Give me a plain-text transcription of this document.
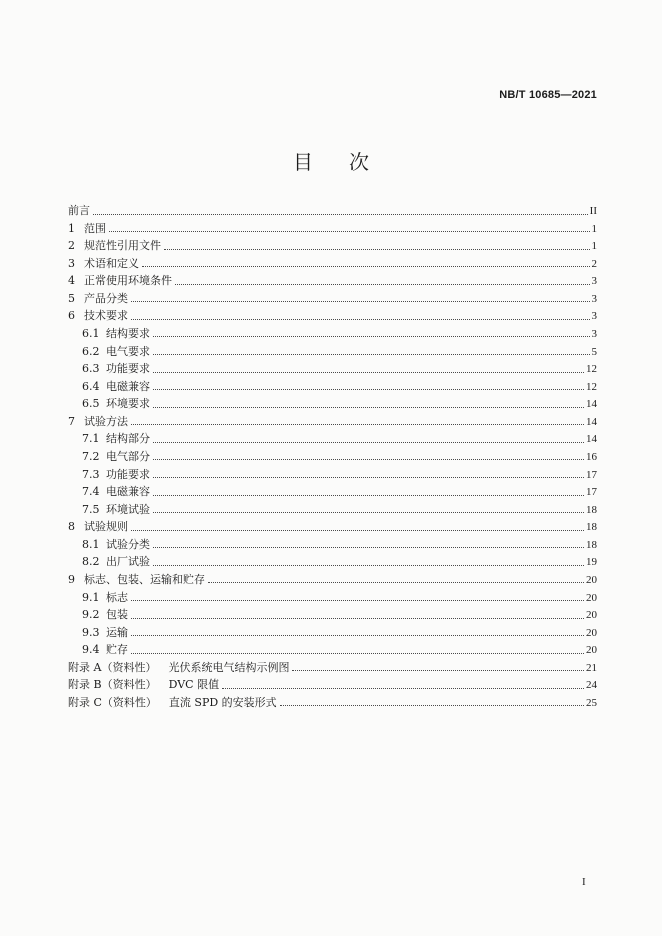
NB/T 10685—2021
目次
前言	II
1 范围	1
2 规范性引用文件	1
3 术语和定义	2
4 正常使用环境条件	3
5 产品分类	3
6 技术要求	3
6.1 结构要求	3
6.2 电气要求	5
6.3 功能要求	12
6.4 电磁兼容	12
6.5 环境要求	14
7 试验方法	14
7.1 结构部分	14
7.2 电气部分	16
7.3 功能要求	17
7.4 电磁兼容	17
7.5 环境试验	18
8 试验规则	18
8.1 试验分类	18
8.2 出厂试验	19
9 标志、包装、运输和贮存	20
9.1 标志	20
9.2 包装	20
9.3 运输	20
9.4 贮存	20
附录 A（资料性） 光伏系统电气结构示例图	21
附录 B（资料性） DVC 限值	24
附录 C（资料性） 直流 SPD 的安装形式	25
I
